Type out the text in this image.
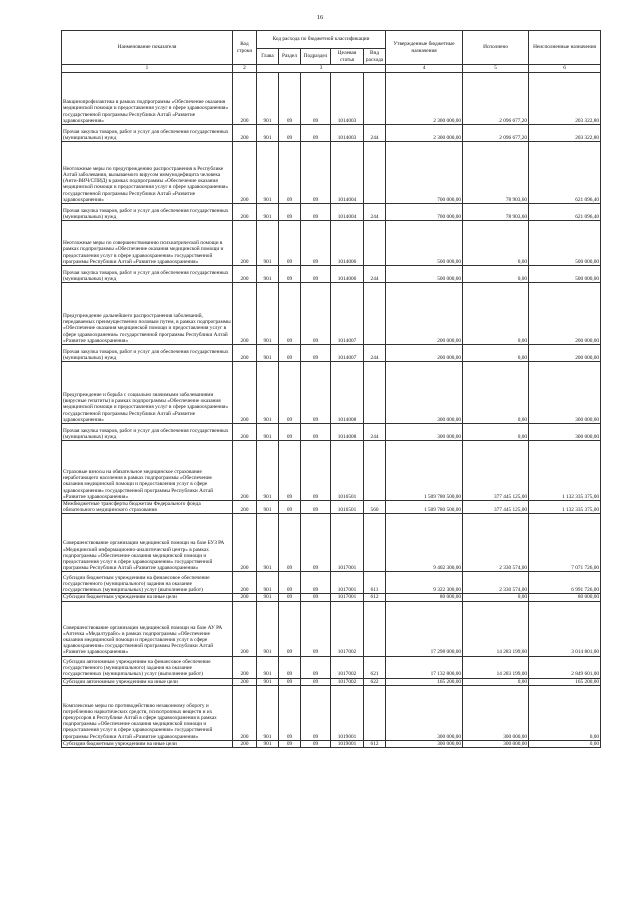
16
Наименование показателя	Код строки	Код расхода по бюджетной классификации					Утвержденные бюджетные назначения	Исполнено	Неисполненные назначения
		Глава	Раздел	Подраздел	Целевая статья	Вид расхода			
1	2	3					4	5	6
Вакцинопрофилактика в рамках подпрограммы «Обеспечение оказания медицинской помощи и предоставления услуг в сфере здравоохранения» государственной программы Республики Алтай «Развитие здравоохранения»	200	901	09	09	1014003		2 300 000,00	2 096 677,20	203 322,80
Прочая закупка товаров, работ и услуг для обеспечения государственных (муниципальных) нужд	200	901	09	09	1014003	244	2 300 000,00	2 096 677,20	203 322,80
Неотложные меры по предупреждению распространения в Республике Алтай заболевания, вызываемого вирусом иммунодефицита человека (Анти-ВИЧ/СПИД) в рамках подпрограммы «Обеспечение оказания медицинской помощи и предоставления услуг в сфере здравоохранения» государственной программы Республики Алтай «Развитие здравоохранения»	200	901	09	09	1014004		700 000,00	78 903,60	621 096,40
Прочая закупка товаров, работ и услуг для обеспечения государственных (муниципальных) нужд	200	901	09	09	1014004	244	700 000,00	78 903,60	621 096,40
Неотложные меры по совершенствованию психиатрической помощи в рамках подпрограммы «Обеспечение оказания медицинской помощи и предоставления услуг в сфере здравоохранения» государственной программы Республики Алтай «Развитие здравоохранения»	200	901	09	09	1014006		500 000,00	0,00	500 000,00
Прочая закупка товаров, работ и услуг для обеспечения государственных (муниципальных) нужд	200	901	09	09	1014006	244	500 000,00	0,00	500 000,00
Предупреждение дальнейшего распространения заболеваний, передаваемых преимущественно половым путем, в рамках подпрограммы «Обеспечение оказания медицинской помощи и предоставления услуг в сфере здравоохранения» государственной программы Республики Алтай «Развитие здравоохранения»	200	901	09	09	1014007		200 000,00	0,00	200 000,00
Прочая закупка товаров, работ и услуг для обеспечения государственных (муниципальных) нужд	200	901	09	09	1014007	244	200 000,00	0,00	200 000,00
Предупреждение и борьба с социально значимыми заболеваниями (вирусные гепатиты) в рамках подпрограммы «Обеспечение оказания медицинской помощи и предоставления услуг в сфере здравоохранения» государственной программы Республики Алтай «Развитие здравоохранения»	200	901	09	09	1014008		300 000,00	0,00	300 000,00
Прочая закупка товаров, работ и услуг для обеспечения государственных (муниципальных) нужд	200	901	09	09	1014008	244	300 000,00	0,00	300 000,00
Страховые взносы на обязательное медицинское страхование неработающего населения в рамках подпрограммы «Обеспечение оказания медицинской помощи и предоставления услуг в сфере здравоохранения» государственной программы Республики Алтай «Развитие здравоохранения»	200	901	09	09	1016501		1 509 780 500,00	377 445 125,00	1 132 335 375,00
Межбюджетные трансферты бюджетам Федерального фонда обязательного медицинского страхования	200	901	09	09	1016501	560	1 509 780 500,00	377 445 125,00	1 132 335 375,00
Совершенствование организации медицинской помощи на базе БУЗ РА «Медицинский информационно-аналитический центр» в рамках подпрограммы «Обеспечение оказания медицинской помощи и предоставления услуг в сфере здравоохранения» государственной программы Республики Алтай «Развитие здравоохранения»	200	901	09	09	1017001		9 402 300,00	2 330 574,00	7 071 726,00
Субсидии бюджетным учреждениям на финансовое обеспечение государственного (муниципального) задания на оказание государственных (муниципальных) услуг (выполнение работ)	200	901	09	09	1017001	611	9 322 300,00	2 330 574,00	6 991 726,00
Субсидии бюджетным учреждениям на иные цели	200	901	09	09	1017001	612	80 000,00	0,00	80 000,00
Совершенствование организации медицинской помощи на базе АУ РА «Аптечка «Медалтурайс» в рамках подпрограммы «Обеспечение оказания медицинской помощи и предоставления услуг в сфере здравоохранения» государственной программы Республики Алтай «Развитие здравоохранения»	200	901	09	09	1017002		17 298 000,00	14 283 199,00	3 014 801,00
Субсидии автономным учреждениям на финансовое обеспечение государственного (муниципального) задания на оказание государственных (муниципальных) услуг (выполнение работ)	200	901	09	09	1017002	621	17 132 800,00	14 283 199,00	2 849 601,00
Субсидии автономным учреждениям на иные цели	200	901	09	09	1017002	622	165 200,00	0,00	165 200,00
Комплексные меры по противодействию незаконному обороту и потреблению наркотических средств, психотропных веществ и их прекурсоров в Республике Алтай в сфере здравоохранения в рамках подпрограммы «Обеспечение оказания медицинской помощи и предоставления услуг в сфере здравоохранения» государственной программы Республики Алтай «Развитие здравоохранения»	200	901	09	09	1019001		300 000,00	300 000,00	0,00
Субсидии бюджетным учреждениям на иные цели	200	901	09	09	1019001	612	300 000,00	300 000,00	0,00
